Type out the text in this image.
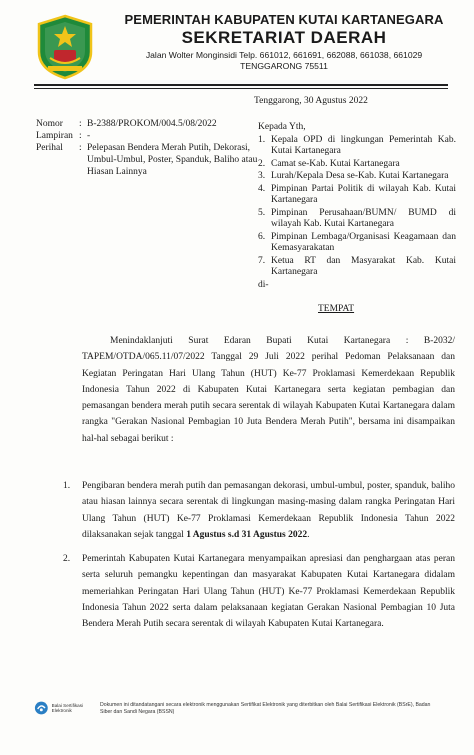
PEMERINTAH KABUPATEN KUTAI KARTANEGARA
SEKRETARIAT DAERAH
Jalan Wolter Monginsidi Telp. 661012, 661691, 662088, 661038, 661029
TENGGARONG 75511
Tenggarong, 30 Agustus 2022
Nomor	: B-2388/PROKOM/004.5/08/2022
Lampiran : -
Perihal	: Pelepasan Bendera Merah Putih, Dekorasi, Umbul-Umbul, Poster, Spanduk, Baliho atau Hiasan Lainnya
Kepada Yth,
1. Kepala OPD di lingkungan Pemerintah Kab. Kutai Kartanegara
2. Camat se-Kab. Kutai Kartanegara
3. Lurah/Kepala Desa se-Kab. Kutai Kartanegara
4. Pimpinan Partai Politik di wilayah Kab. Kutai Kartanegara
5. Pimpinan Perusahaan/BUMN/ BUMD di wilayah Kab. Kutai Kartanegara
6. Pimpinan Lembaga/Organisasi Keagamaan dan Kemasyarakatan
7. Ketua RT dan Masyarakat Kab. Kutai Kartanegara
di-
TEMPAT
Menindaklanjuti Surat Edaran Bupati Kutai Kartanegara : B-2032/ TAPEM/OTDA/065.11/07/2022 Tanggal 29 Juli 2022 perihal Pedoman Pelaksanaan dan Kegiatan Peringatan Hari Ulang Tahun (HUT) Ke-77 Proklamasi Kemerdekaan Republik Indonesia Tahun 2022 di Kabupaten Kutai Kartanegara serta kegiatan pembagian dan pemasangan bendera merah putih secara serentak di wilayah Kabupaten Kutai Kartanegara dalam rangka "Gerakan Nasional Pembagian 10 Juta Bendera Merah Putih", bersama ini disampaikan hal-hal sebagai berikut :
1.	Pengibaran bendera merah putih dan pemasangan dekorasi, umbul-umbul, poster, spanduk, baliho atau hiasan lainnya secara serentak di lingkungan masing-masing dalam rangka Peringatan Hari Ulang Tahun (HUT) Ke-77 Proklamasi Kemerdekaan Republik Indonesia Tahun 2022 dilaksanakan sejak tanggal 1 Agustus s.d 31 Agustus 2022.
2.	Pemerintah Kabupaten Kutai Kartanegara menyampaikan apresiasi dan penghargaan atas peran serta seluruh pemangku kepentingan dan masyarakat Kabupaten Kutai Kartanegara didalam memeriahkan Peringatan Hari Ulang Tahun (HUT) Ke-77 Proklamasi Kemerdekaan Republik Indonesia Tahun 2022 serta dalam pelaksanaan kegiatan Gerakan Nasional Pembagian 10 Juta Bendera Merah Putih secara serentak di wilayah Kabupaten Kutai Kartanegara.
Balai Sertifikasi Elektronik
Dokumen ini ditandatangani secara elektronik menggunakan Sertifikat Elektronik yang diterbitkan oleh Balai Sertifikasi Elektronik (BSrE), Badan Siber dan Sandi Negara (BSSN)
